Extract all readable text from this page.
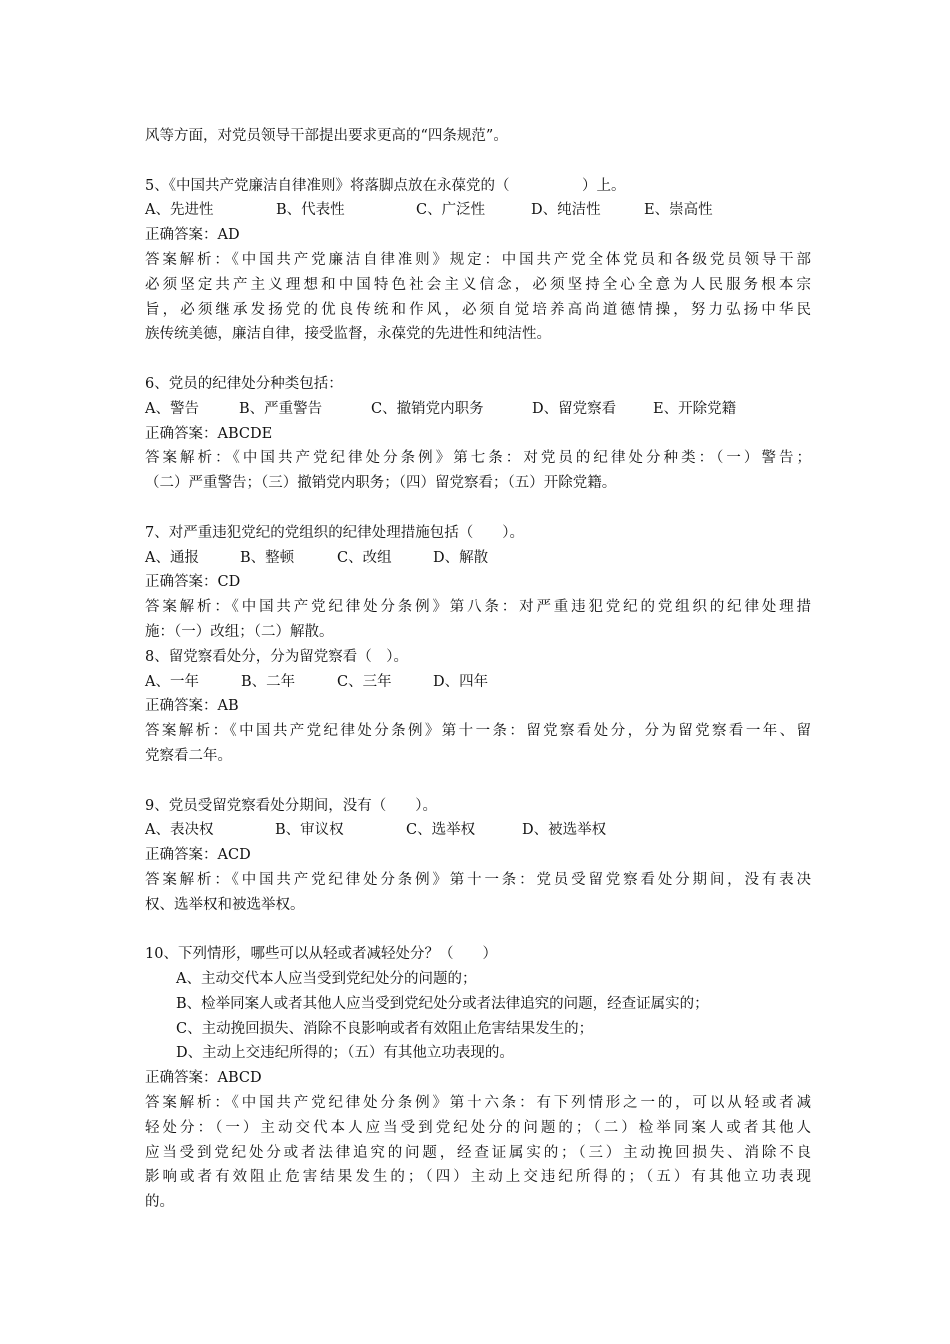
风等方面，对党员领导干部提出要求更高的“四条规范”。
5、《中国共产党廉洁自律准则》将落脚点放在永葆党的（　　　　　）上。
A、先进性	B、代表性	C、广泛性	D、纯洁性	E、崇高性
正确答案：AD
答案解析：《中国共产党廉洁自律准则》规定：中国共产党全体党员和各级党员领导干部
必须坚定共产主义理想和中国特色社会主义信念，必须坚持全心全意为人民服务根本宗
旨，必须继承发扬党的优良传统和作风，必须自觉培养高尚道德情操，努力弘扬中华民
族传统美德，廉洁自律，接受监督，永葆党的先进性和纯洁性。
6、党员的纪律处分种类包括：
A、警告	B、严重警告	C、撤销党内职务	D、留党察看	E、开除党籍
正确答案：ABCDE
答案解析：《中国共产党纪律处分条例》第七条：对党员的纪律处分种类：（一）警告；
（二）严重警告；（三）撤销党内职务；（四）留党察看；（五）开除党籍。
7、对严重违犯党纪的党组织的纪律处理措施包括（　　）。
A、通报	B、整顿	C、改组	D、解散
正确答案：CD
答案解析：《中国共产党纪律处分条例》第八条：对严重违犯党纪的党组织的纪律处理措
施：（一）改组；（二）解散。
8、留党察看处分，分为留党察看（　）。
A、一年	B、二年	C、三年	D、四年
正确答案：AB
答案解析：《中国共产党纪律处分条例》第十一条：留党察看处分，分为留党察看一年、留
党察看二年。
9、党员受留党察看处分期间，没有（　　）。
A、表决权	B、审议权	C、选举权	D、被选举权
正确答案：ACD
答案解析：《中国共产党纪律处分条例》第十一条：党员受留党察看处分期间，没有表决
权、选举权和被选举权。
10、下列情形，哪些可以从轻或者减轻处分？（　　）
A、主动交代本人应当受到党纪处分的问题的；
B、检举同案人或者其他人应当受到党纪处分或者法律追究的问题，经查证属实的；
C、主动挽回损失、消除不良影响或者有效阻止危害结果发生的；
D、主动上交违纪所得的；（五）有其他立功表现的。
正确答案：ABCD
答案解析：《中国共产党纪律处分条例》第十六条：有下列情形之一的，可以从轻或者减
轻处分：（一）主动交代本人应当受到党纪处分的问题的；（二）检举同案人或者其他人
应当受到党纪处分或者法律追究的问题，经查证属实的；（三）主动挽回损失、消除不良
影响或者有效阻止危害结果发生的；（四）主动上交违纪所得的；（五）有其他立功表现
的。
